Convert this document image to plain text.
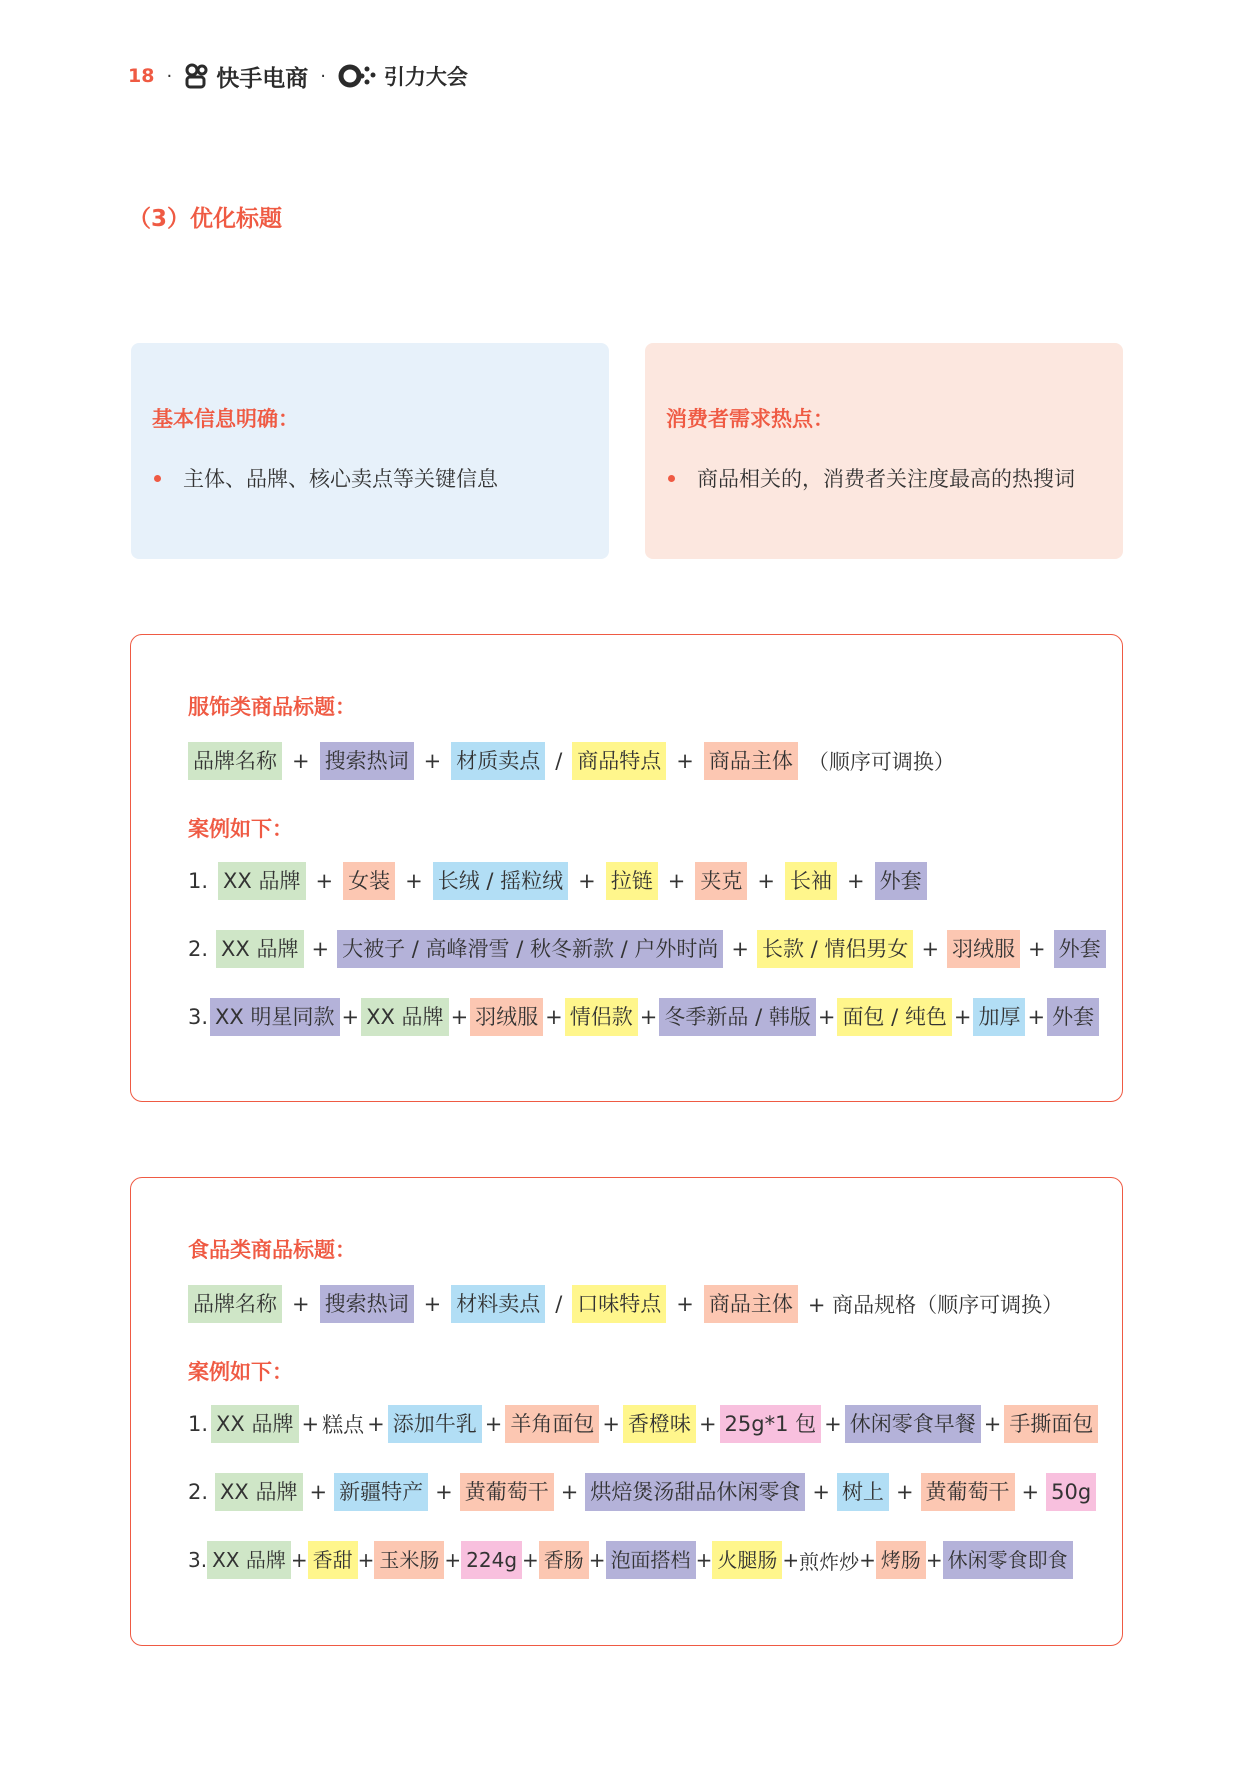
18 · 快手电商 ·	引力大会
（3）优化标题
基本信息明确：
主体、品牌、核心卖点等关键信息
消费者需求热点：
商品相关的，消费者关注度最高的热搜词
服饰类商品标题：
品牌名称 + 搜索热词 + 材质卖点 / 商品特点 + 商品主体 （顺序可调换）
案例如下：
1. XX 品牌 + 女装 + 长绒 / 摇粒绒 + 拉链 + 夹克 + 长袖 + 外套
2. XX 品牌 + 大被子 / 高峰滑雪 / 秋冬新款 / 户外时尚 + 长款 / 情侣男女 + 羽绒服 + 外套
3. XX 明星同款 + XX 品牌 + 羽绒服 + 情侣款 + 冬季新品 / 韩版 + 面包 / 纯色 + 加厚 + 外套
食品类商品标题：
品牌名称 + 搜索热词 + 材料卖点 / 口味特点 + 商品主体 + 商品规格（顺序可调换）
案例如下：
1. XX 品牌 + 糕点 + 添加牛乳 + 羊角面包 + 香橙味 + 25g*1 包 + 休闲零食早餐 + 手撕面包
2. XX 品牌 + 新疆特产 + 黄葡萄干 + 烘焙煲汤甜品休闲零食 + 树上 + 黄葡萄干 + 50g
3. XX 品牌 + 香甜 + 玉米肠 + 224g + 香肠 + 泡面搭档 + 火腿肠 + 煎炸炒 + 烤肠 + 休闲零食即食
